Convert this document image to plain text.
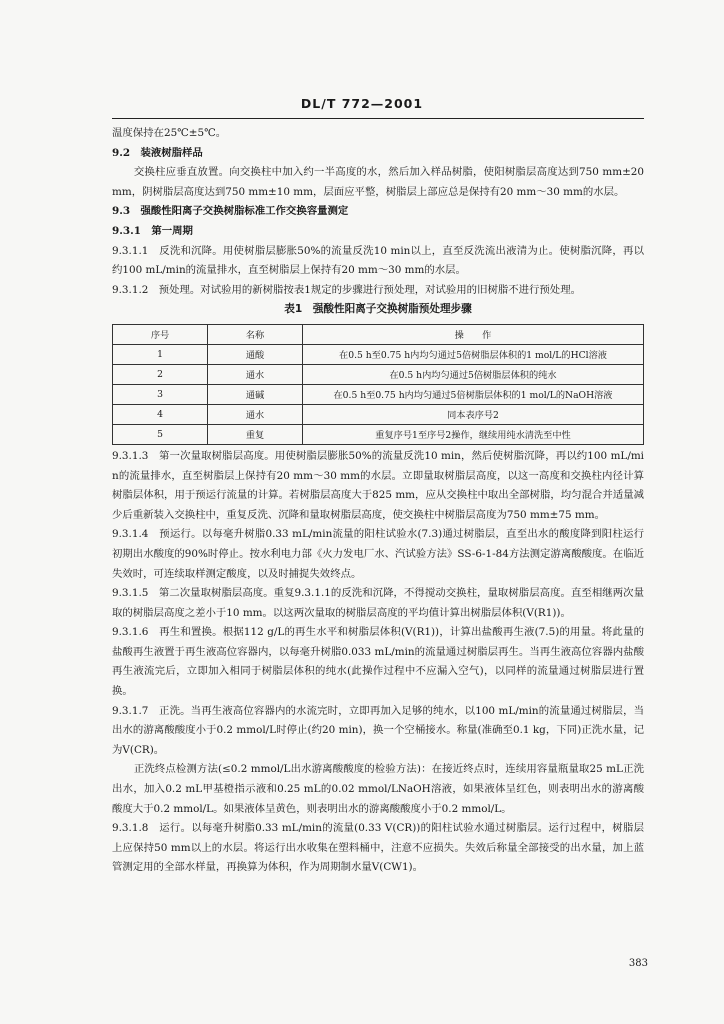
DL/T 772—2001

温度保持在25℃±5℃。

9.2　装液树脂样品

交换柱应垂直放置。向交换柱中加入约一半高度的水，然后加入样品树脂，使阳树脂层高度达到750 mm±20 mm，阴树脂层高度达到750 mm±10 mm，层面应平整，树脂层上部应总是保持有20 mm～30 mm的水层。

9.3　强酸性阳离子交换树脂标准工作交换容量测定

9.3.1　第一周期

9.3.1.1　反洗和沉降。用使树脂层膨胀50%的流量反洗10 min以上，直至反洗流出液清为止。使树脂沉降，再以约100 mL/min的流量排水，直至树脂层上保持有20 mm～30 mm的水层。

9.3.1.2　预处理。对试验用的新树脂按表1规定的步骤进行预处理，对试验用的旧树脂不进行预处理。

表1　强酸性阳离子交换树脂预处理步骤

序号	名称	操　　作
1	通酸	在0.5 h至0.75 h内均匀通过5倍树脂层体积的1 mol/L的HCl溶液
2	通水	在0.5 h内均匀通过5倍树脂层体积的纯水
3	通碱	在0.5 h至0.75 h内均匀通过5倍树脂层体积的1 mol/L的NaOH溶液
4	通水	同本表序号2
5	重复	重复序号1至序号2操作，继续用纯水清洗至中性

9.3.1.3　第一次量取树脂层高度。用使树脂层膨胀50%的流量反洗10 min，然后使树脂沉降，再以约100 mL/min的流量排水，直至树脂层上保持有20 mm～30 mm的水层。立即量取树脂层高度，以这一高度和交换柱内径计算树脂层体积，用于预运行流量的计算。若树脂层高度大于825 mm，应从交换柱中取出全部树脂，均匀混合并适量减少后重新装入交换柱中，重复反洗、沉降和量取树脂层高度，使交换柱中树脂层高度为750 mm±75 mm。

9.3.1.4　预运行。以每毫升树脂0.33 mL/min流量的阳柱试验水(7.3)通过树脂层，直至出水的酸度降到阳柱运行初期出水酸度的90%时停止。按水利电力部《火力发电厂水、汽试验方法》SS-6-1-84方法测定游离酸酸度。在临近失效时，可连续取样测定酸度，以及时捕捉失效终点。

9.3.1.5　第二次量取树脂层高度。重复9.3.1.1的反洗和沉降，不得搅动交换柱，量取树脂层高度。直至相继两次量取的树脂层高度之差小于10 mm。以这两次量取的树脂层高度的平均值计算出树脂层体积(V(R1))。

9.3.1.6　再生和置换。根据112 g/L的再生水平和树脂层体积(V(R1))，计算出盐酸再生液(7.5)的用量。将此量的盐酸再生液置于再生液高位容器内，以每毫升树脂0.033 mL/min的流量通过树脂层再生。当再生液高位容器内盐酸再生液流完后，立即加入相同于树脂层体积的纯水(此操作过程中不应漏入空气)，以同样的流量通过树脂层进行置换。

9.3.1.7　正洗。当再生液高位容器内的水流完时，立即再加入足够的纯水，以100 mL/min的流量通过树脂层，当出水的游离酸酸度小于0.2 mmol/L时停止(约20 min)，换一个空桶接水。称量(准确至0.1 kg，下同)正洗水量，记为V(CR)。

正洗终点检测方法(≤0.2 mmol/L出水游离酸酸度的检验方法)：在接近终点时，连续用容量瓶量取25 mL正洗出水，加入0.2 mL甲基橙指示液和0.25 mL的0.02 mmol/LNaOH溶液，如果液体呈红色，则表明出水的游离酸酸度大于0.2 mmol/L。如果液体呈黄色，则表明出水的游离酸酸度小于0.2 mmol/L。

9.3.1.8　运行。以每毫升树脂0.33 mL/min的流量(0.33 V(CR))的阳柱试验水通过树脂层。运行过程中，树脂层上应保持50 mm以上的水层。将运行出水收集在塑料桶中，注意不应损失。失效后称量全部接受的出水量，加上蓝管测定用的全部水样量，再换算为体积，作为周期制水量V(CW1)。

383
